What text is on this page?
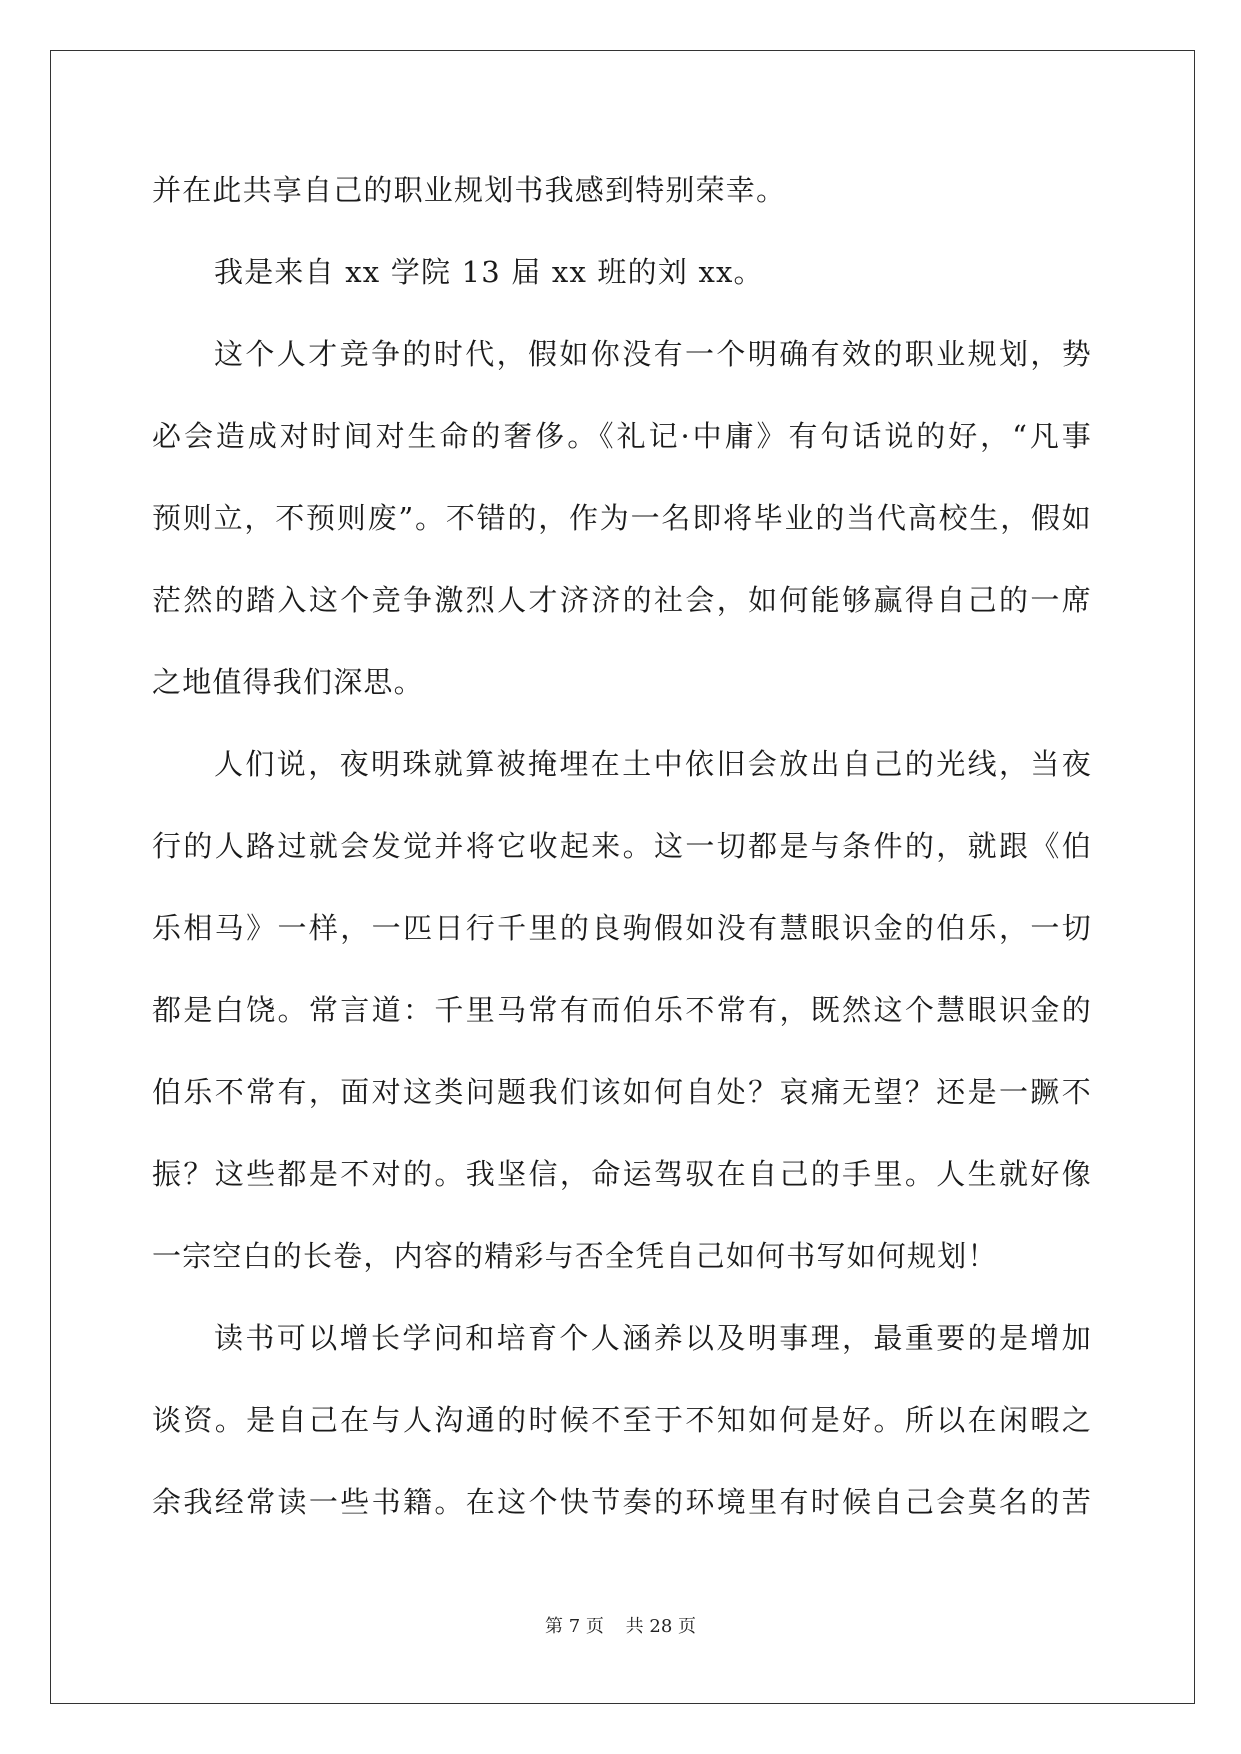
并在此共享自己的职业规划书我感到特别荣幸。
我是来自 xx 学院 13 届 xx 班的刘 xx。
这个人才竞争的时代，假如你没有一个明确有效的职业规划，势
必会造成对时间对生命的奢侈。《礼记·中庸》有句话说的好，“凡事
预则立，不预则废”。不错的，作为一名即将毕业的当代高校生，假如
茫然的踏入这个竞争激烈人才济济的社会，如何能够赢得自己的一席
之地值得我们深思。
人们说，夜明珠就算被掩埋在土中依旧会放出自己的光线，当夜
行的人路过就会发觉并将它收起来。这一切都是与条件的，就跟《伯
乐相马》一样，一匹日行千里的良驹假如没有慧眼识金的伯乐，一切
都是白饶。常言道：千里马常有而伯乐不常有，既然这个慧眼识金的
伯乐不常有，面对这类问题我们该如何自处？哀痛无望？还是一蹶不
振？这些都是不对的。我坚信，命运驾驭在自己的手里。人生就好像
一宗空白的长卷，内容的精彩与否全凭自己如何书写如何规划！
读书可以增长学问和培育个人涵养以及明事理，最重要的是增加
谈资。是自己在与人沟通的时候不至于不知如何是好。所以在闲暇之
余我经常读一些书籍。在这个快节奏的环境里有时候自己会莫名的苦
第 7 页 共 28 页
